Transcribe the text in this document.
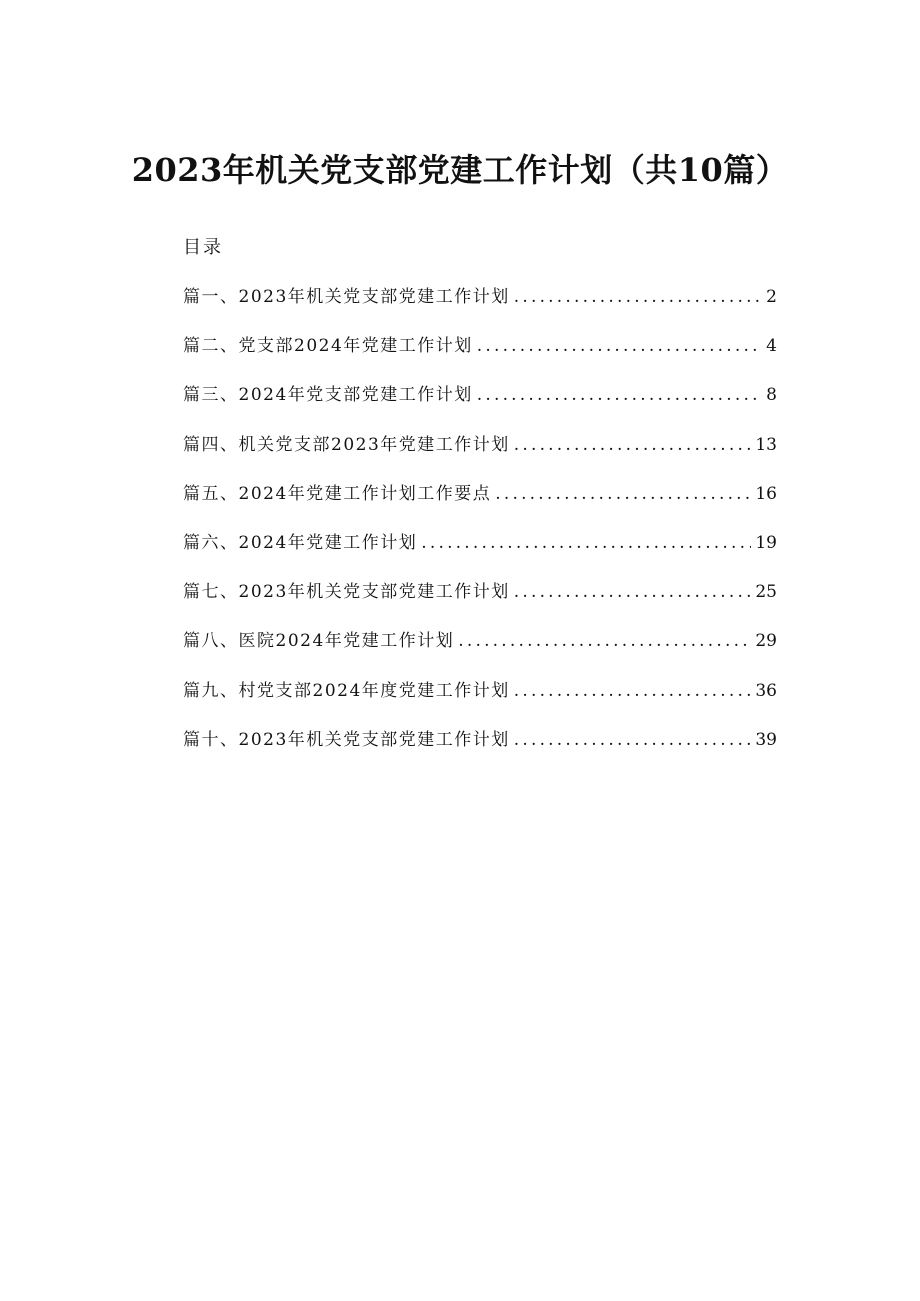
2023年机关党支部党建工作计划（共10篇）
目录
篇一、2023年机关党支部党建工作计划 .....	2
篇二、党支部2024年党建工作计划 .....	4
篇三、2024年党支部党建工作计划 .....	8
篇四、机关党支部2023年党建工作计划 .....	13
篇五、2024年党建工作计划工作要点 .....	16
篇六、2024年党建工作计划 .....	19
篇七、2023年机关党支部党建工作计划 .....	25
篇八、医院2024年党建工作计划 .....	29
篇九、村党支部2024年度党建工作计划 .....	36
篇十、2023年机关党支部党建工作计划 .....	39
